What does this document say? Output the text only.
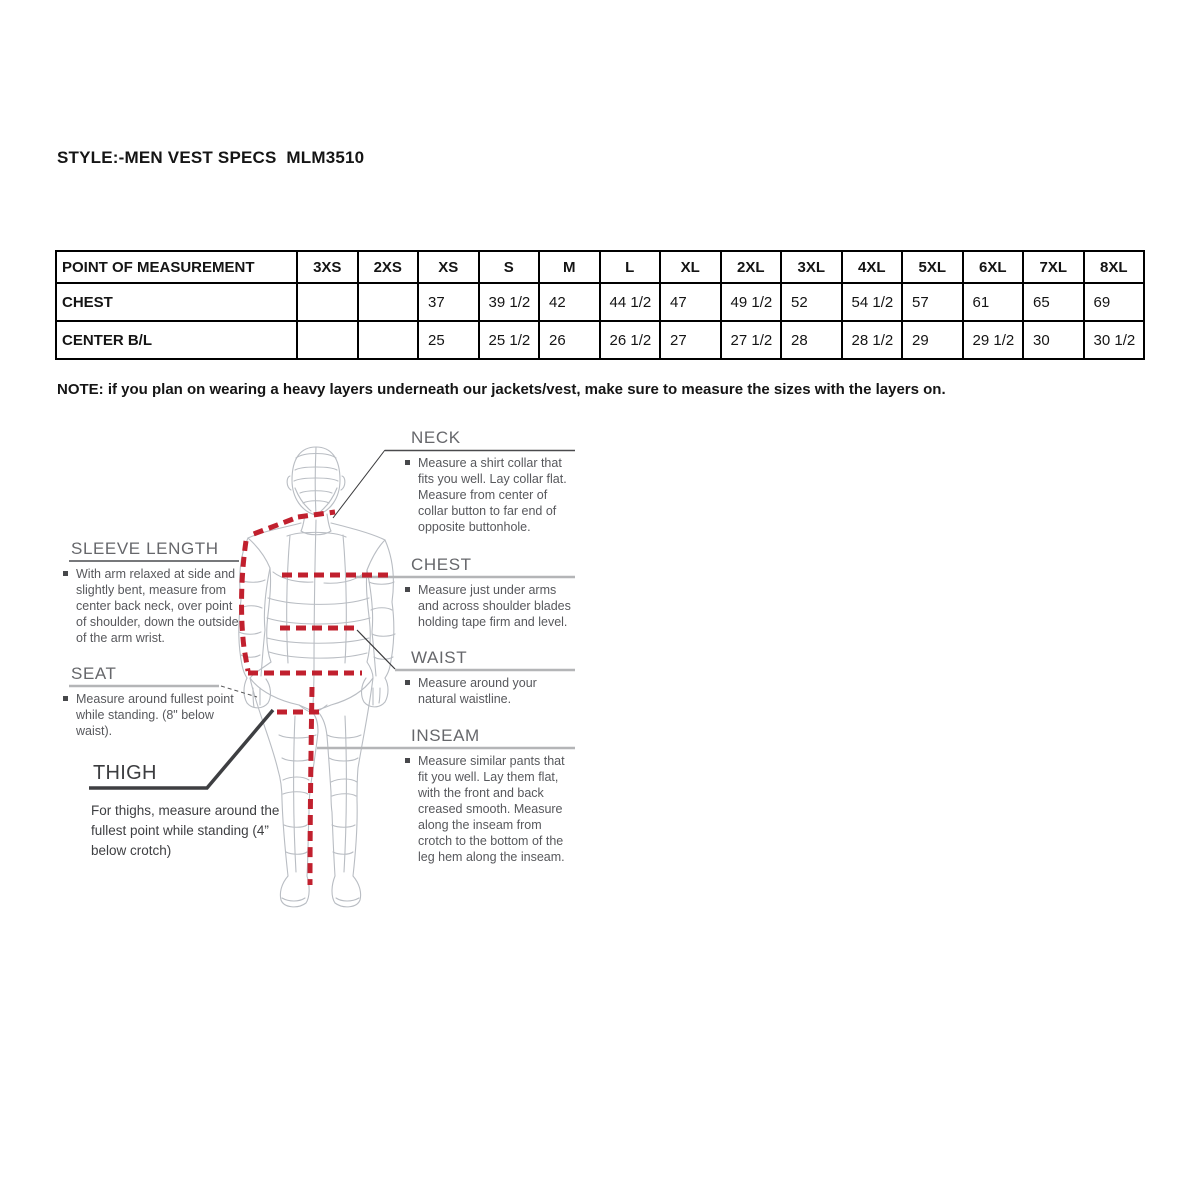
STYLE:-MEN VEST SPECS  MLM3510
POINT OF MEASUREMENT	3XS	2XS	XS	S	M	L	XL	2XL	3XL	4XL	5XL	6XL	7XL	8XL
CHEST			37	39 1/2	42	44 1/2	47	49 1/2	52	54 1/2	57	61	65	69
CENTER B/L			25	25 1/2	26	26 1/2	27	27 1/2	28	28 1/2	29	29 1/2	30	30 1/2
NOTE: if you plan on wearing a heavy layers underneath our jackets/vest, make sure to measure the sizes with the layers on.
NECK
Measure a shirt collar that fits you well. Lay collar flat. Measure from center of collar button to far end of opposite buttonhole.
CHEST
Measure just under arms and across shoulder blades holding tape firm and level.
WAIST
Measure around your natural waistline.
INSEAM
Measure similar pants that fit you well. Lay them flat, with the front and back creased smooth. Measure along the inseam from crotch to the bottom of the leg hem along the inseam.
SLEEVE LENGTH
With arm relaxed at side and slightly bent, measure from center back neck, over point of shoulder, down the outside of the arm wrist.
SEAT
Measure around fullest point while standing. (8" below waist).
THIGH
For thighs, measure around the fullest point while standing (4” below crotch)
